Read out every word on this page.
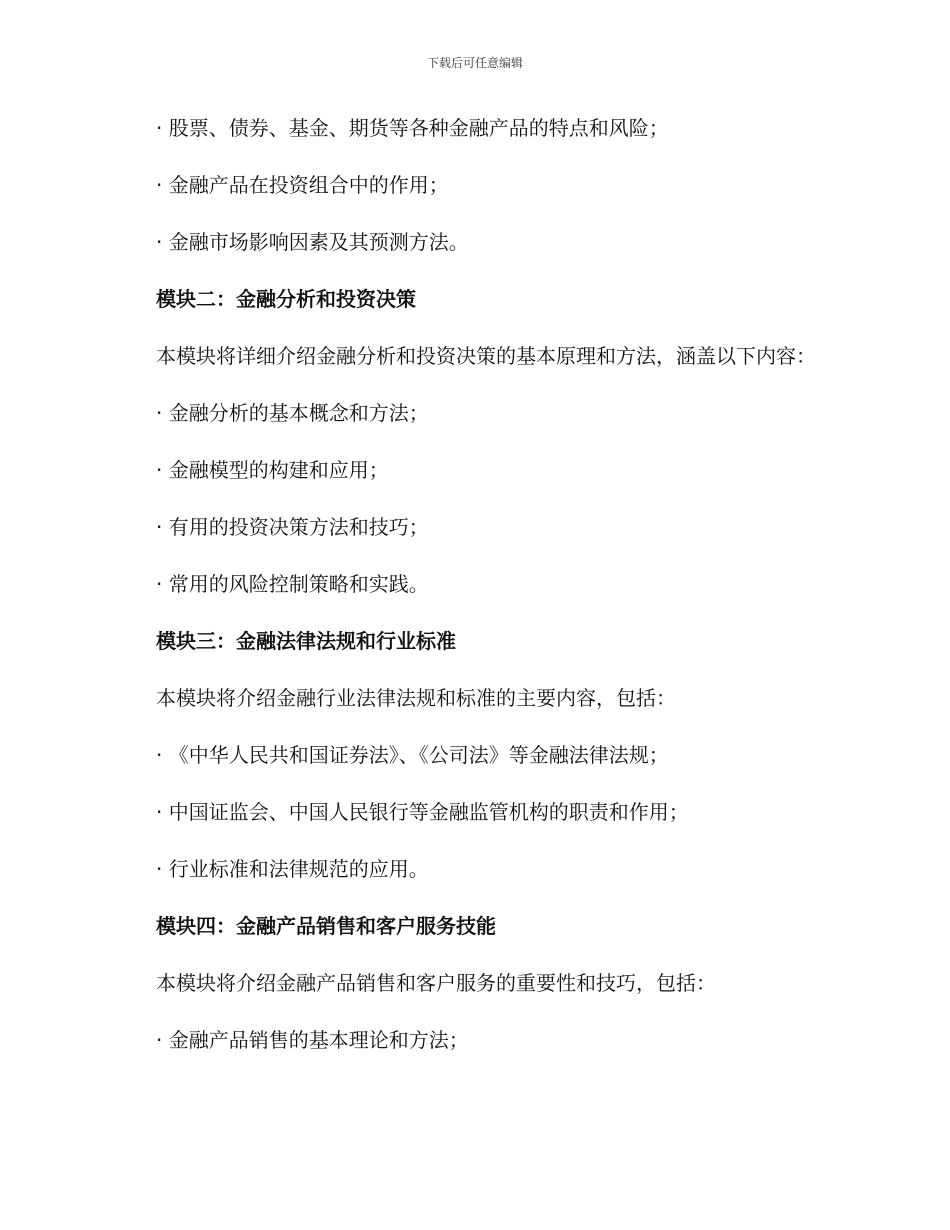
下载后可任意编辑
· 股票、债券、基金、期货等各种金融产品的特点和风险；
· 金融产品在投资组合中的作用；
· 金融市场影响因素及其预测方法。
模块二：金融分析和投资决策
本模块将详细介绍金融分析和投资决策的基本原理和方法，涵盖以下内容：
· 金融分析的基本概念和方法；
· 金融模型的构建和应用；
· 有用的投资决策方法和技巧；
· 常用的风险控制策略和实践。
模块三：金融法律法规和行业标准
本模块将介绍金融行业法律法规和标准的主要内容，包括：
· 《中华人民共和国证券法》、《公司法》等金融法律法规；
· 中国证监会、中国人民银行等金融监管机构的职责和作用；
· 行业标准和法律规范的应用。
模块四：金融产品销售和客户服务技能
本模块将介绍金融产品销售和客户服务的重要性和技巧，包括：
· 金融产品销售的基本理论和方法；
